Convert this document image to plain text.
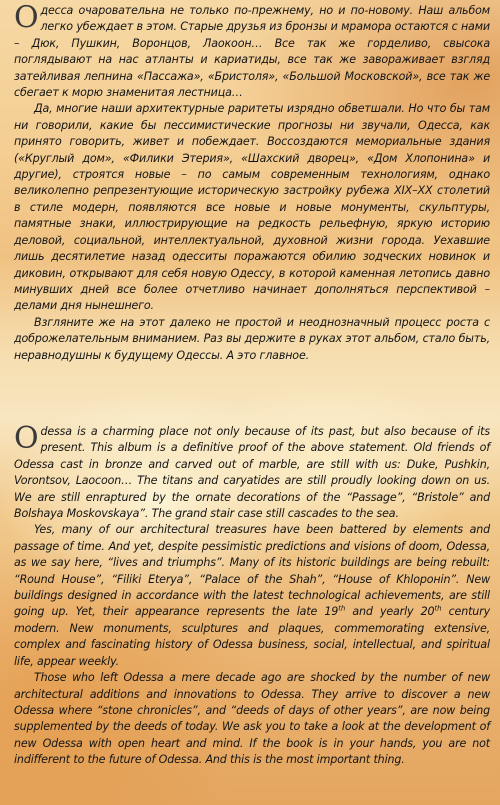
Одессa очаровательна не только по-прежнему, но и по-новому. Наш альбом легко убеждает в этом. Старые друзья из бронзы и мрамора остаются с нами – Дюк, Пушкин, Воронцов, Лаокоон… Все так же горделиво, свысока поглядывают на нас атланты и кариатиды, все так же завораживает взгляд затейливая лепнина «Пассажа», «Бристоля», «Большой Московской», все так же сбегает к морю знаменитая лестница…

Да, многие наши архитектурные раритеты изрядно обветшали. Но что бы там ни говорили, какие бы пессимистические прогнозы ни звучали, Одесса, как принято говорить, живет и побеждает. Воссоздаются мемориальные здания («Круглый дом», «Филики Этерия», «Шахский дворец», «Дом Хлопонина» и другие), строятся новые – по самым современным технологиям, однако великолепно репрезентующие историческую застройку рубежа XIX–XX столетий в стиле модерн, появляются все новые и новые монументы, скульптуры, памятные знаки, иллюстрирующие на редкость рельефную, яркую историю деловой, социальной, интеллектуальной, духовной жизни города. Уехавшие лишь десятилетие назад одесситы поражаются обилию зодческих новинок и диковин, открывают для себя новую Одессу, в которой каменная летопись давно минувших дней все более отчетливо начинает дополняться перспективой – делами дня нынешнего.

Взгляните же на этот далеко не простой и неоднозначный процесс роста с доброжелательным вниманием. Раз вы держите в руках этот альбом, стало быть, неравнодушны к будущему Одессы. А это главное.

Odessa is a charming place not only because of its past, but also because of its present. This album is a definitive proof of the above statement. Old friends of Odessa cast in bronze and carved out of marble, are still with us: Duke, Pushkin, Vorontsov, Laocoon… The titans and caryatides are still proudly looking down on us. We are still enraptured by the ornate decorations of the “Passage”, “Bristole” and Bolshaya Moskovskaya”. The grand stair case still cascades to the sea.

Yes, many of our architectural treasures have been battered by elements and passage of time. And yet, despite pessimistic predictions and visions of doom, Odessa, as we say here, “lives and triumphs”. Many of its historic buildings are being rebuilt: “Round House”, “Filiki Eterya”, “Palace of the Shah”, “House of Khlopонin”. New buildings designed in accordance with the latest technological achievements, are still going up. Yet, their appearance represents the late 19th and yearly 20th century modern. New monuments, sculptures and plaques, commemorating extensive, complex and fascinating history of Odessa business, social, intellectual, and spiritual life, appear weekly.

Those who left Odessa a mere decade ago are shocked by the number of new architectural additions and innovations to Odessa. They arrive to discover a new Odessa where “stone chronicles”, and “deeds of days of other years”, are now being supplemented by the deeds of today. We ask you to take a look at the development of new Odessa with open heart and mind. If the book is in your hands, you are not indifferent to the future of Odessa. And this is the most important thing.
